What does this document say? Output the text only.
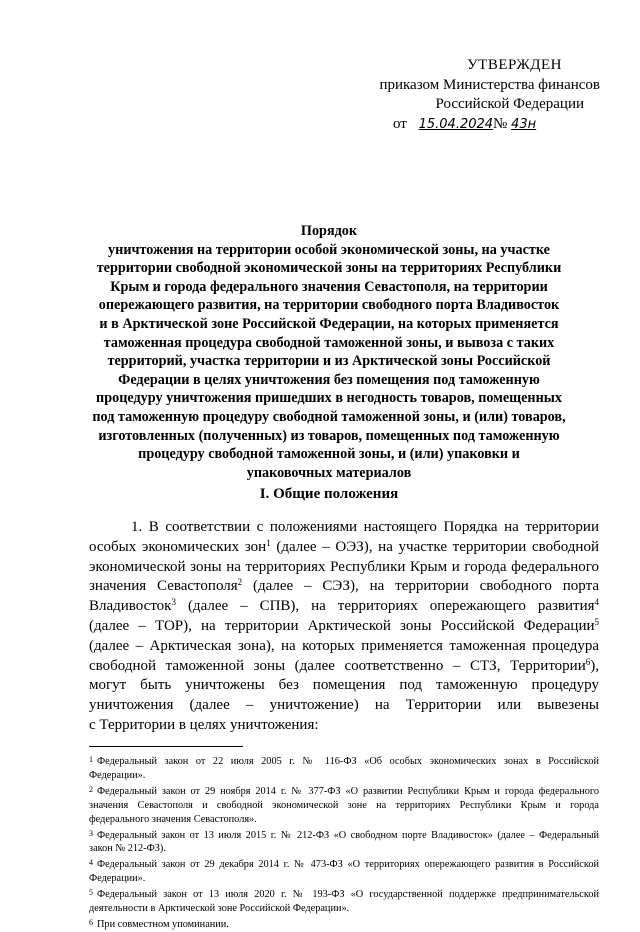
УТВЕРЖДЕН
приказом Министерства финансов
Российской Федерации
от 15.04.2024№ 43н
Порядок
уничтожения на территории особой экономической зоны, на участке
территории свободной экономической зоны на территориях Республики
Крым и города федерального значения Севастополя, на территории
опережающего развития, на территории свободного порта Владивосток
и в Арктической зоне Российской Федерации, на которых применяется
таможенная процедура свободной таможенной зоны, и вывоза с таких
территорий, участка территории и из Арктической зоны Российской
Федерации в целях уничтожения без помещения под таможенную
процедуру уничтожения пришедших в негодность товаров, помещенных
под таможенную процедуру свободной таможенной зоны, и (или) товаров,
изготовленных (полученных) из товаров, помещенных под таможенную
процедуру свободной таможенной зоны, и (или) упаковки и
упаковочных материалов
I. Общие положения
1. В соответствии с положениями настоящего Порядка на территории
особых экономических зон$^1$ (далее – ОЭЗ), на участке территории свободной
экономической зоны на территориях Республики Крым и города федерального
значения Севастополя$^2$ (далее – СЭЗ), на территории свободного порта
Владивосток$^3$ (далее – СПВ), на территориях опережающего развития$^4$
(далее – ТОР), на территории Арктической зоны Российской Федерации$^5$
(далее – Арктическая зона), на которых применяется таможенная процедура
свободной таможенной зоны (далее соответственно – СТЗ, Территории$^6$),
могут быть уничтожены без помещения под таможенную процедуру
уничтожения (далее – уничтожение) на Территории или вывезены
с Территории в целях уничтожения:
1 Федеральный закон от 22 июля 2005 г. № 116-ФЗ «Об особых экономических зонах в Российской
Федерации».
2 Федеральный закон от 29 ноября 2014 г. № 377-ФЗ «О развитии Республики Крым и города федерального
значения Севастополя и свободной экономической зоне на территориях Республики Крым и города
федерального значения Севастополя».
3 Федеральный закон от 13 июля 2015 г. № 212-ФЗ «О свободном порте Владивосток» (далее – Федеральный
закон № 212-ФЗ).
4 Федеральный закон от 29 декабря 2014 г. № 473-ФЗ «О территориях опережающего развития в Российской
Федерации».
5 Федеральный закон от 13 июля 2020 г. № 193-ФЗ «О государственной поддержке предпринимательской
деятельности в Арктической зоне Российской Федерации».
6 При совместном упоминании.
